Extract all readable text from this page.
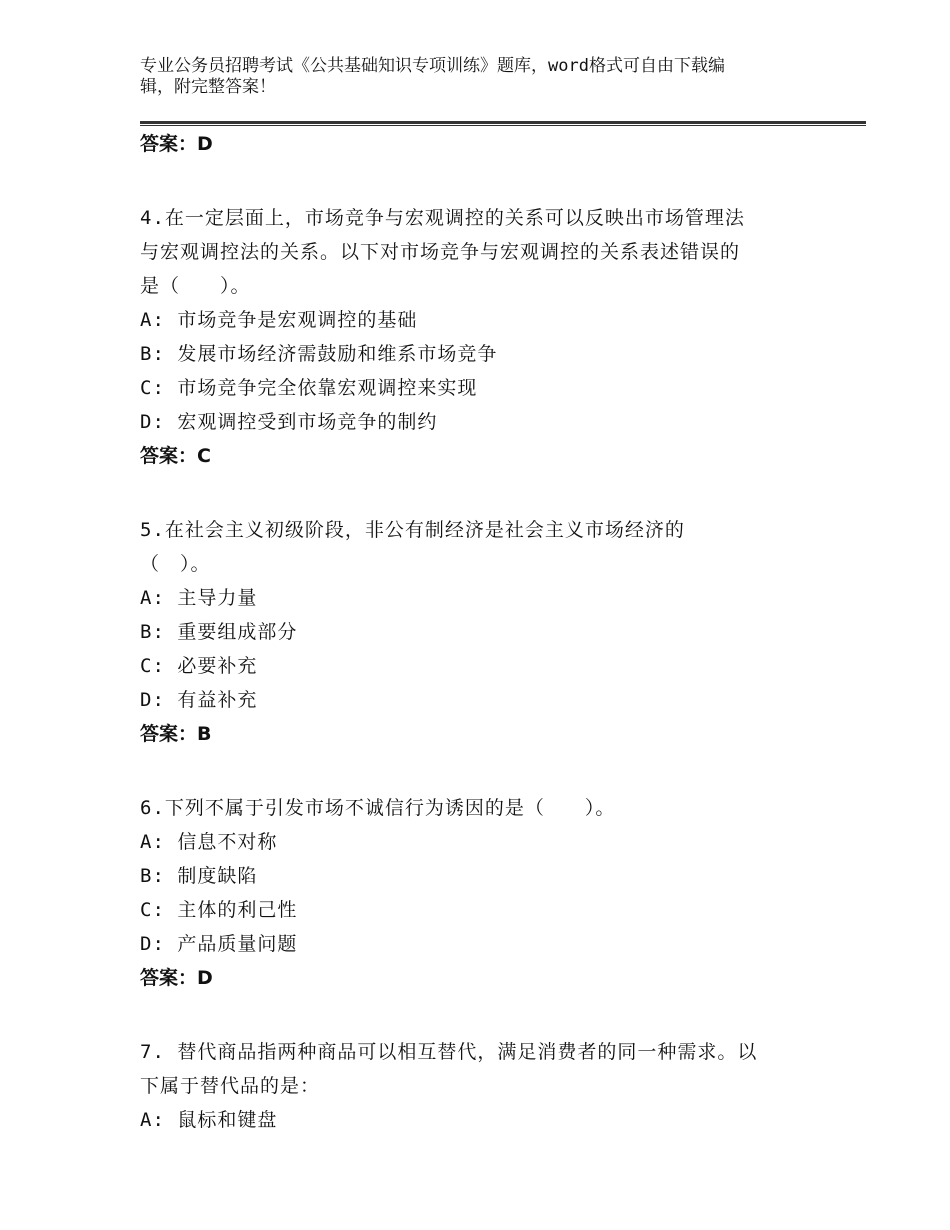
专业公务员招聘考试《公共基础知识专项训练》题库，word格式可自由下载编
辑，附完整答案！
答案：D
4.在一定层面上，市场竞争与宏观调控的关系可以反映出市场管理法
与宏观调控法的关系。以下对市场竞争与宏观调控的关系表述错误的
是（　　）。
A: 市场竞争是宏观调控的基础
B: 发展市场经济需鼓励和维系市场竞争
C: 市场竞争完全依靠宏观调控来实现
D: 宏观调控受到市场竞争的制约
答案：C
5.在社会主义初级阶段，非公有制经济是社会主义市场经济的
（　）。
A: 主导力量
B: 重要组成部分
C: 必要补充
D: 有益补充
答案：B
6.下列不属于引发市场不诚信行为诱因的是（　　）。
A: 信息不对称
B: 制度缺陷
C: 主体的利己性
D: 产品质量问题
答案：D
7. 替代商品指两种商品可以相互替代，满足消费者的同一种需求。以
下属于替代品的是：
A: 鼠标和键盘
